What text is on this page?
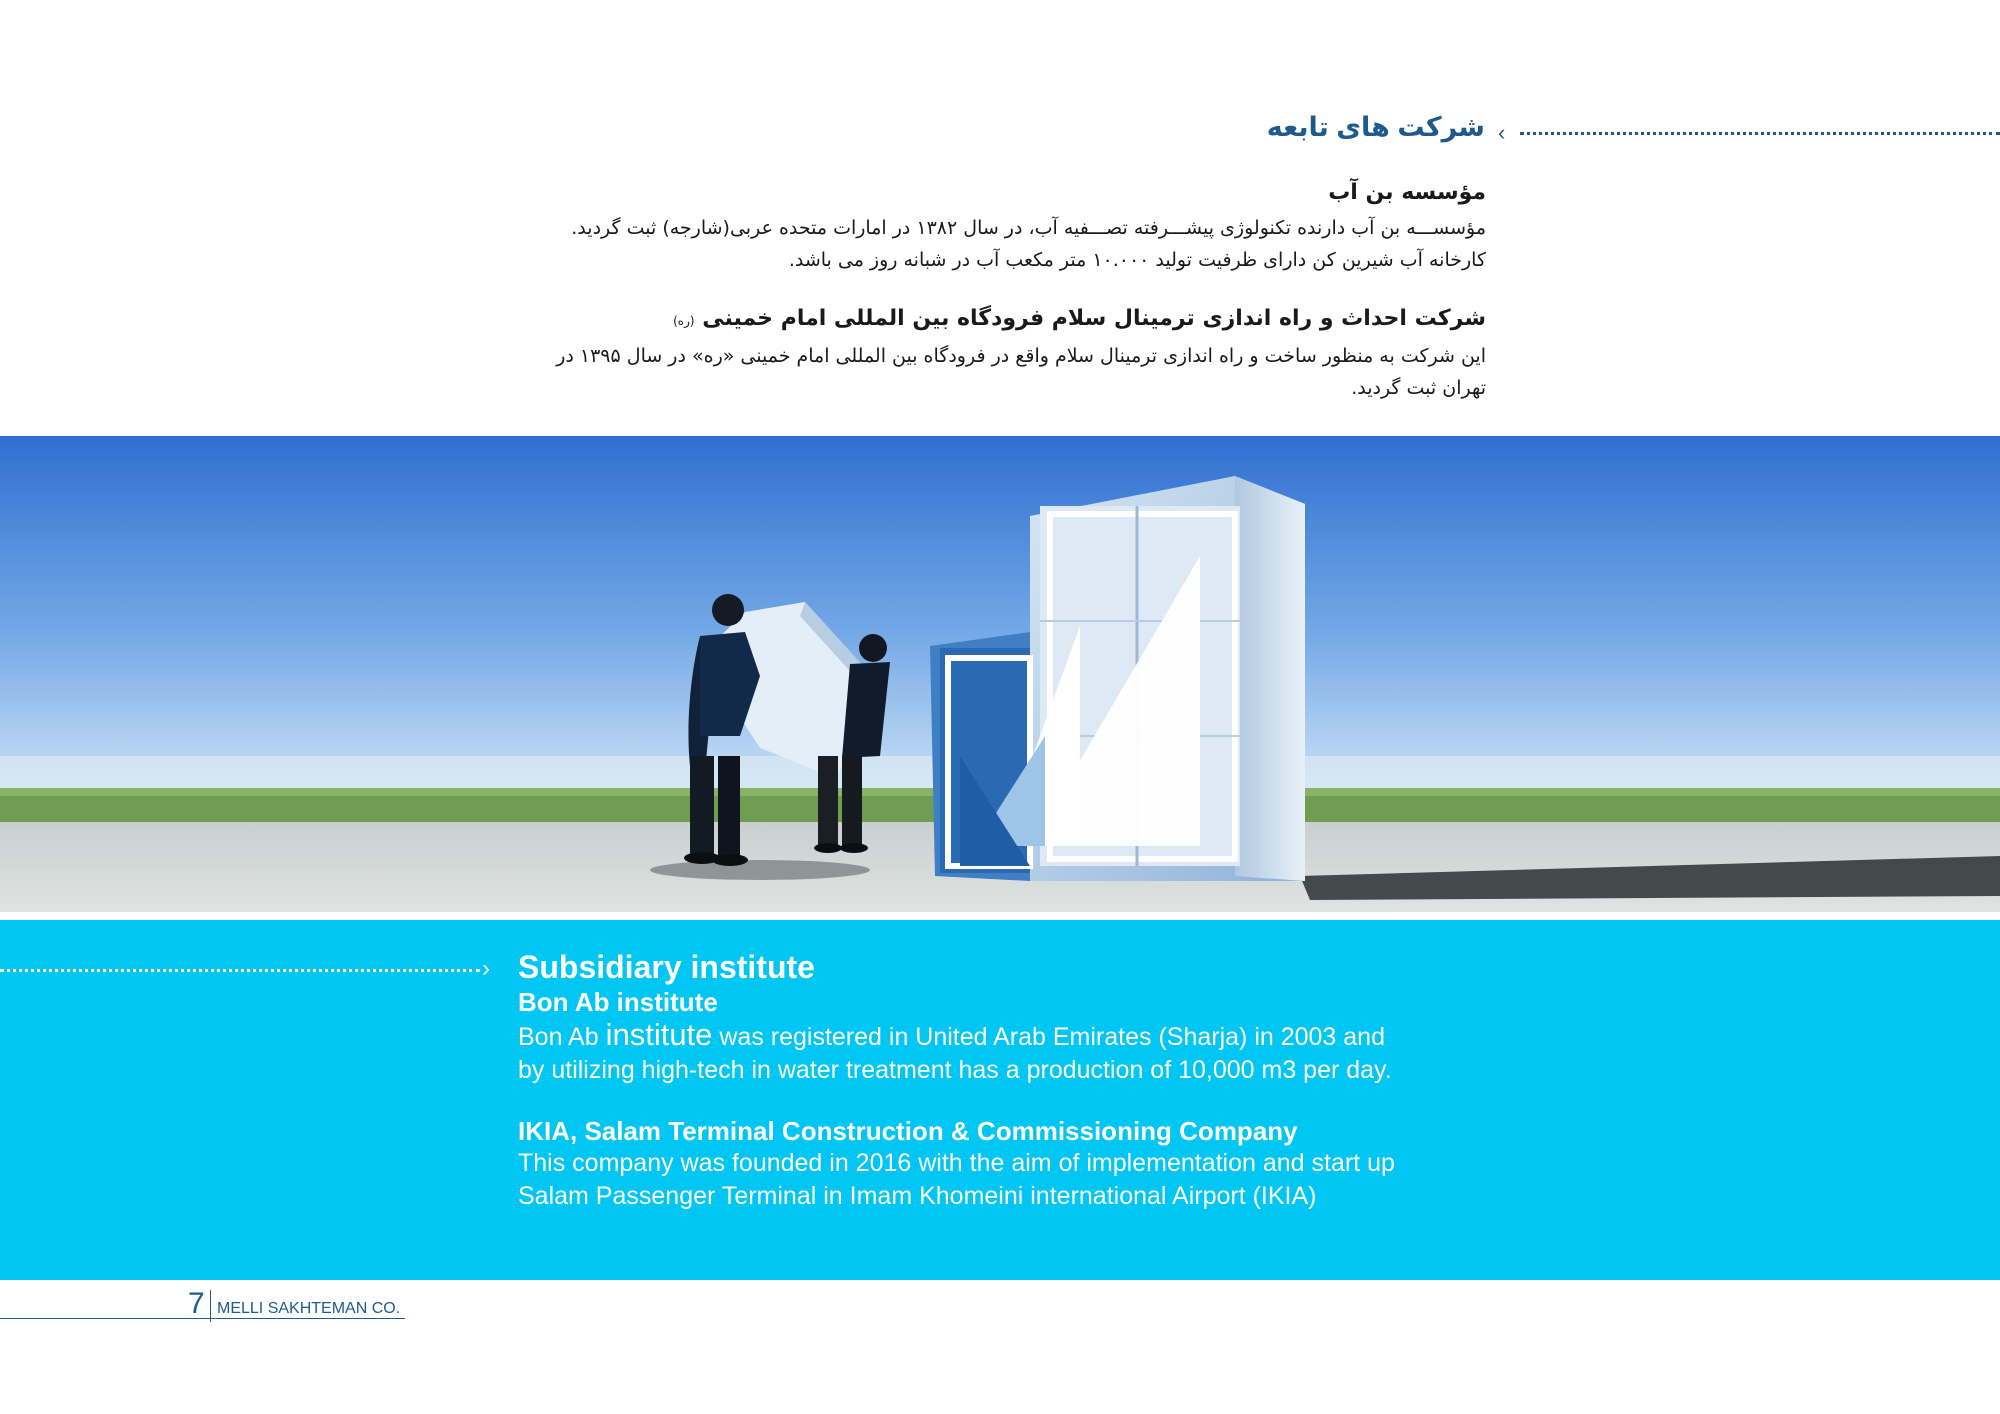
‹
شرکت های تابعه

مؤسسه بن آب

مؤسســـه بن آب دارنده تکنولوژی پیشـــرفته تصـــفیه آب، در سال ۱۳۸۲ در امارات متحده عربی(شارجه) ثبت گردید.

کارخانه آب شیرین کن دارای ظرفیت تولید ۱۰.۰۰۰ متر مکعب آب در شبانه روز می باشد.

شرکت احداث و راه اندازی ترمینال سلام فرودگاه بین المللی امام خمینی (ره)

این شرکت به منظور ساخت و راه اندازی ترمینال سلام واقع در فرودگاه بین المللی امام خمینی «ره» در سال ۱۳۹۵ در

تهران ثبت گردید.

› Subsidiary institute

Bon Ab institute

Bon Ab institute was registered in United Arab Emirates (Sharja) in 2003 and

by utilizing high-tech in water treatment has a production of 10,000 m3 per day.

IKIA, Salam Terminal Construction & Commissioning Company

This company was founded in 2016 with the aim of implementation and start up

Salam Passenger Terminal in Imam Khomeini international Airport (IKIA)

7 MELLI SAKHTEMAN CO.
